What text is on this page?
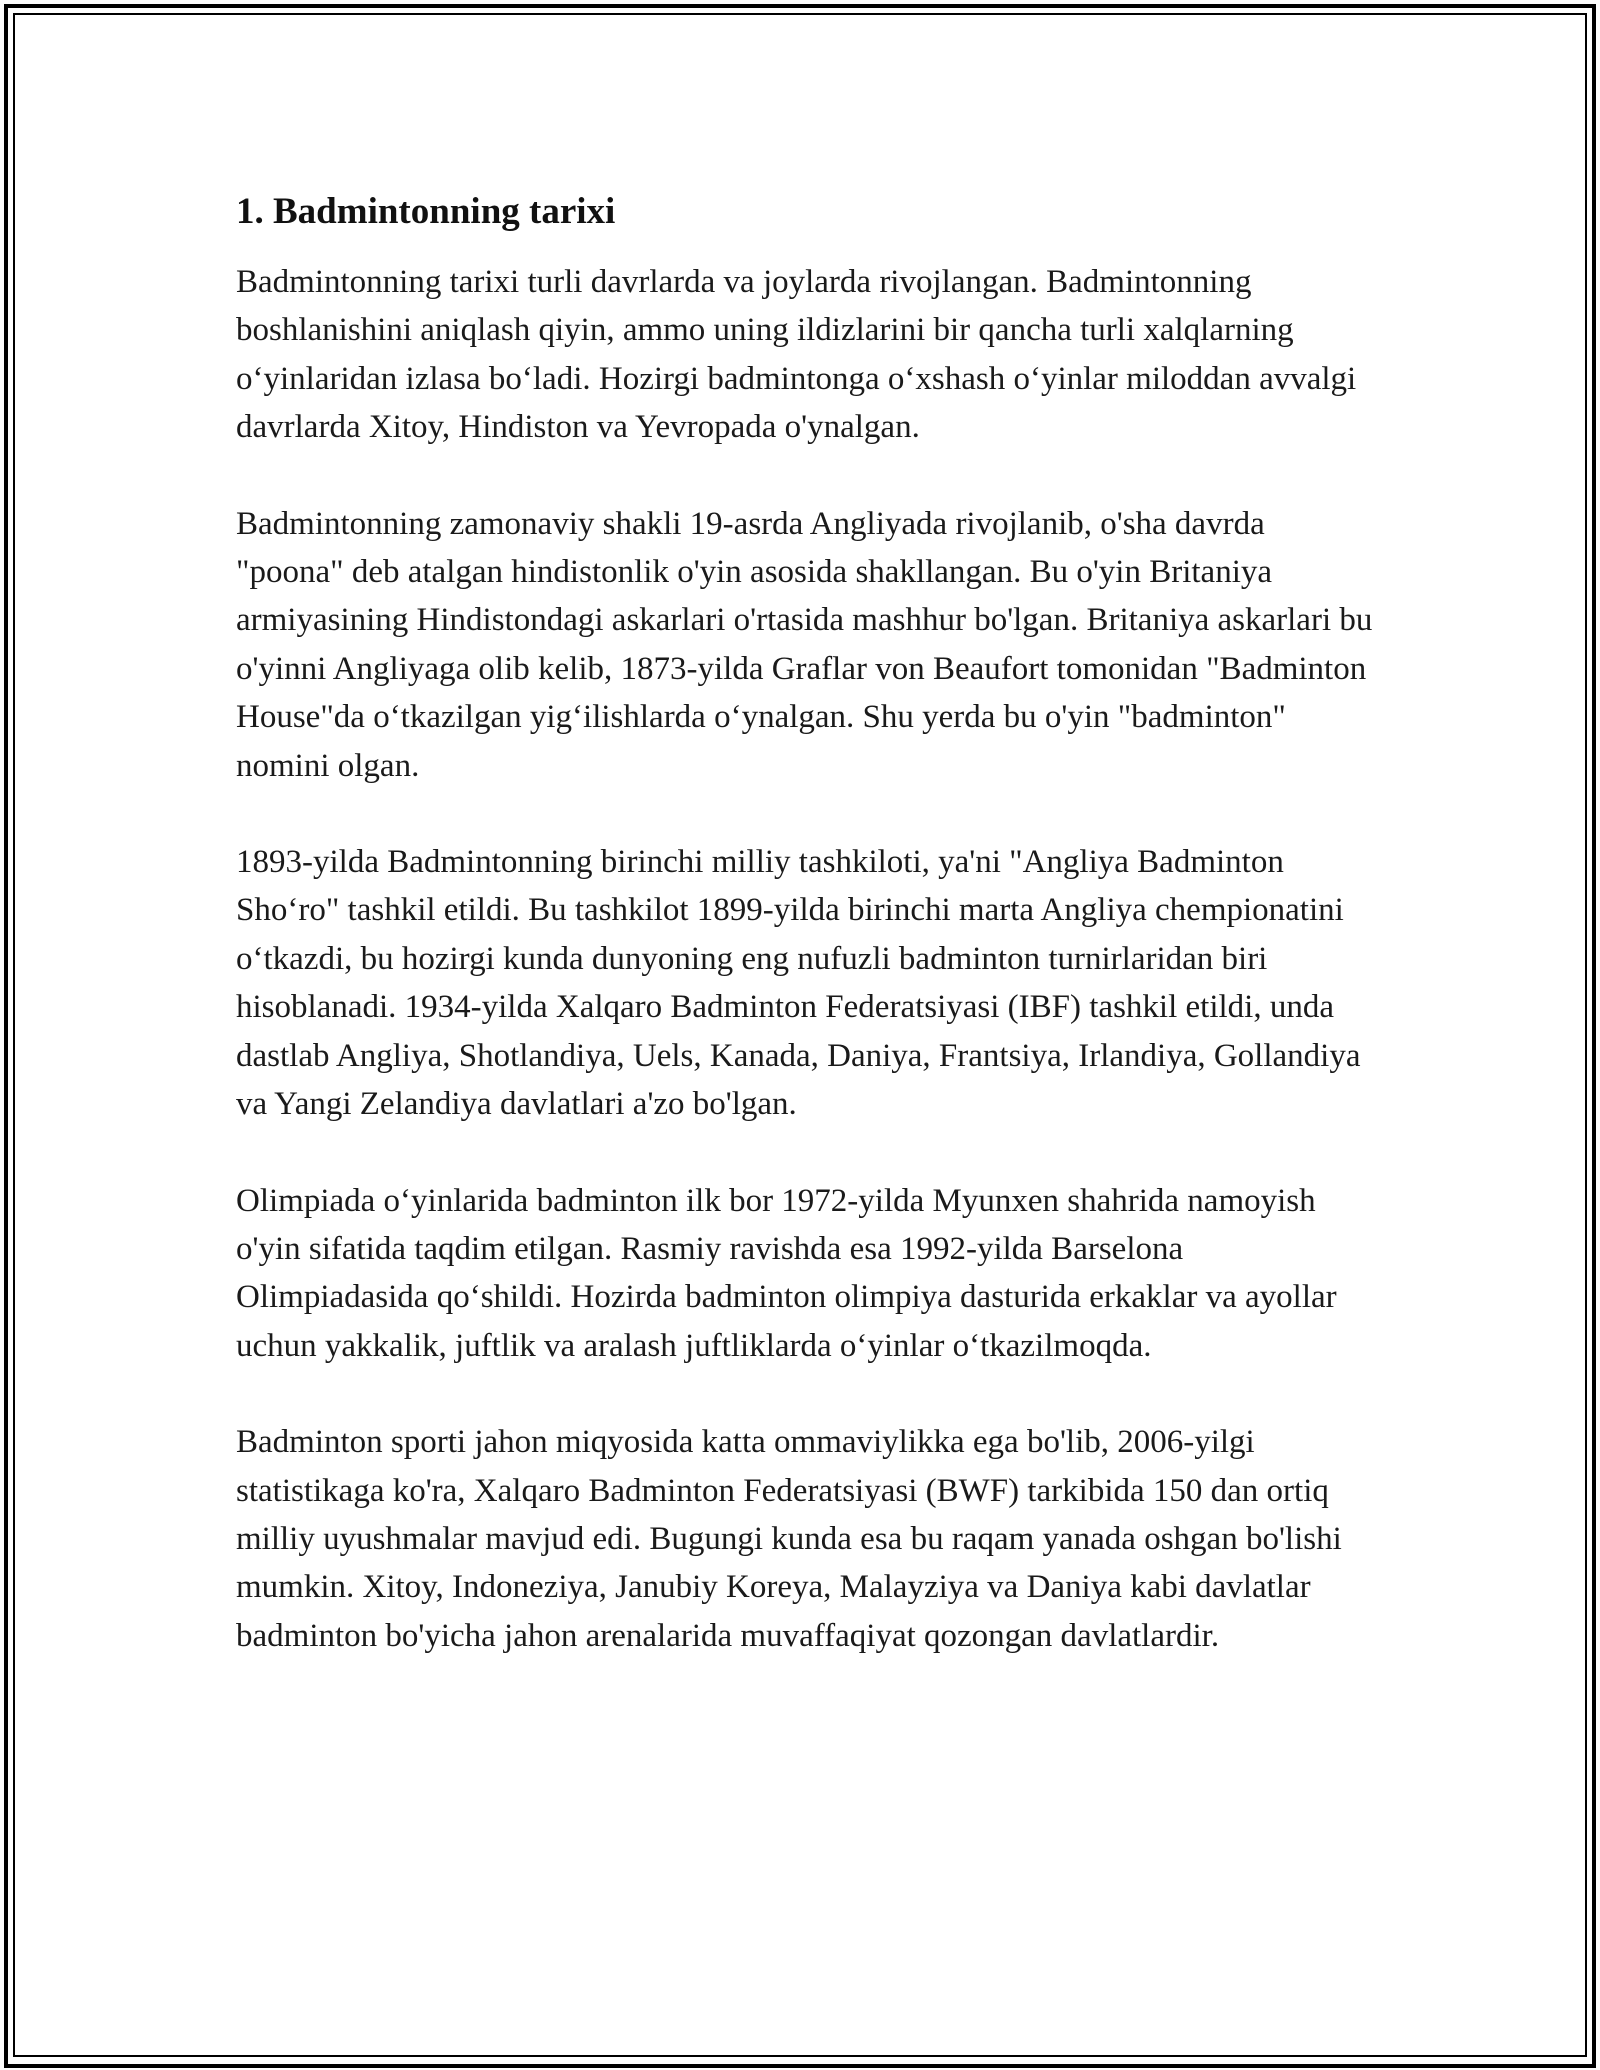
1. Badmintonning tarixi

Badmintonning tarixi turli davrlarda va joylarda rivojlangan. Badmintonning boshlanishini aniqlash qiyin, ammo uning ildizlarini bir qancha turli xalqlarning oʻyinlaridan izlasa boʻladi. Hozirgi badmintonga oʻxshash oʻyinlar miloddan avvalgi davrlarda Xitoy, Hindiston va Yevropada o'ynalgan.

Badmintonning zamonaviy shakli 19-asrda Angliyada rivojlanib, o'sha davrda "poona" deb atalgan hindistonlik o'yin asosida shakllangan. Bu o'yin Britaniya armiyasining Hindistondagi askarlari o'rtasida mashhur bo'lgan. Britaniya askarlari bu o'yinni Angliyaga olib kelib, 1873-yilda Graflar von Beaufort tomonidan "Badminton House"da oʻtkazilgan yigʻilishlarda oʻynalgan. Shu yerda bu o'yin "badminton" nomini olgan.

1893-yilda Badmintonning birinchi milliy tashkiloti, ya'ni "Angliya Badminton Shoʻro" tashkil etildi. Bu tashkilot 1899-yilda birinchi marta Angliya chempionatini oʻtkazdi, bu hozirgi kunda dunyoning eng nufuzli badminton turnirlaridan biri hisoblanadi. 1934-yilda Xalqaro Badminton Federatsiyasi (IBF) tashkil etildi, unda dastlab Angliya, Shotlandiya, Uels, Kanada, Daniya, Frantsiya, Irlandiya, Gollandiya va Yangi Zelandiya davlatlari a'zo bo'lgan.

Olimpiada oʻyinlarida badminton ilk bor 1972-yilda Myunxen shahrida namoyish o'yin sifatida taqdim etilgan. Rasmiy ravishda esa 1992-yilda Barselona Olimpiadasida qoʻshildi. Hozirda badminton olimpiya dasturida erkaklar va ayollar uchun yakkalik, juftlik va aralash juftliklarda oʻyinlar oʻtkazilmoqda.

Badminton sporti jahon miqyosida katta ommaviylikka ega bo'lib, 2006-yilgi statistikaga ko'ra, Xalqaro Badminton Federatsiyasi (BWF) tarkibida 150 dan ortiq milliy uyushmalar mavjud edi. Bugungi kunda esa bu raqam yanada oshgan bo'lishi mumkin. Xitoy, Indoneziya, Janubiy Koreya, Malayziya va Daniya kabi davlatlar badminton bo'yicha jahon arenalarida muvaffaqiyat qozongan davlatlardir.
